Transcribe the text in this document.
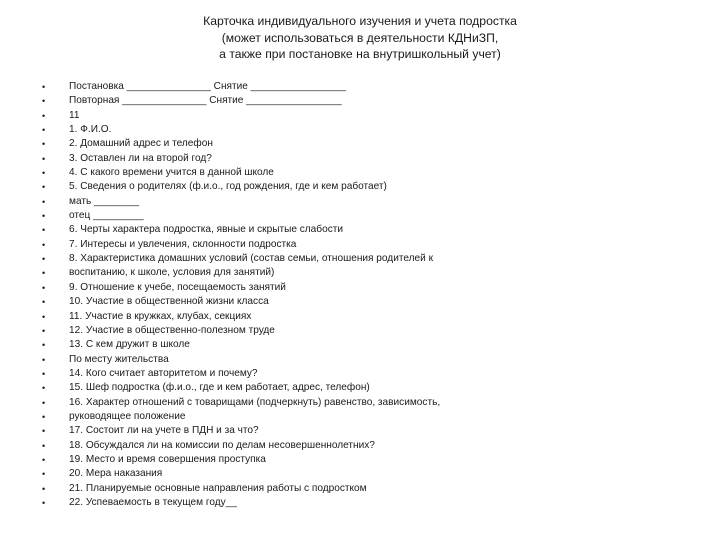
Карточка индивидуального изучения и учета подростка
(может использоваться в деятельности КДНиЗП,
а также при постановке на внутришкольный учет)
•	Постановка _______________ Снятие _________________
•	Повторная _______________ Снятие _________________
•	11
•	1. Ф.И.О.
•	2. Домашний адрес и телефон
•	3. Оставлен ли на второй год?
•	4. С какого времени учится в данной школе
•	5. Сведения о родителях (ф.и.о., год рождения, где и кем работает)
•	мать ________
•	отец _________
•	6. Черты характера подростка, явные и скрытые слабости
•	7. Интересы и увлечения, склонности подростка
•	8. Характеристика домашних условий (состав семьи, отношения родителей к
•	воспитанию, к школе, условия для занятий)
•	9. Отношение к учебе, посещаемость занятий
•	10. Участие в общественной жизни класса
•	11. Участие в кружках, клубах, секциях
•	12. Участие в общественно-полезном труде
•	13. С кем дружит в школе
•	По месту жительства
•	14. Кого считает авторитетом и почему?
•	15. Шеф подростка (ф.и.о., где и кем работает, адрес, телефон)
•	16. Характер отношений с товарищами (подчеркнуть) равенство, зависимость,
•	руководящее положение
•	17. Состоит ли на учете в ПДН и за что?
•	18. Обсуждался ли на комиссии по делам несовершеннолетних?
•	19. Место и время совершения проступка
•	20. Мера наказания
•	21. Планируемые основные направления работы с подростком
•	22. Успеваемость в текущем году__
